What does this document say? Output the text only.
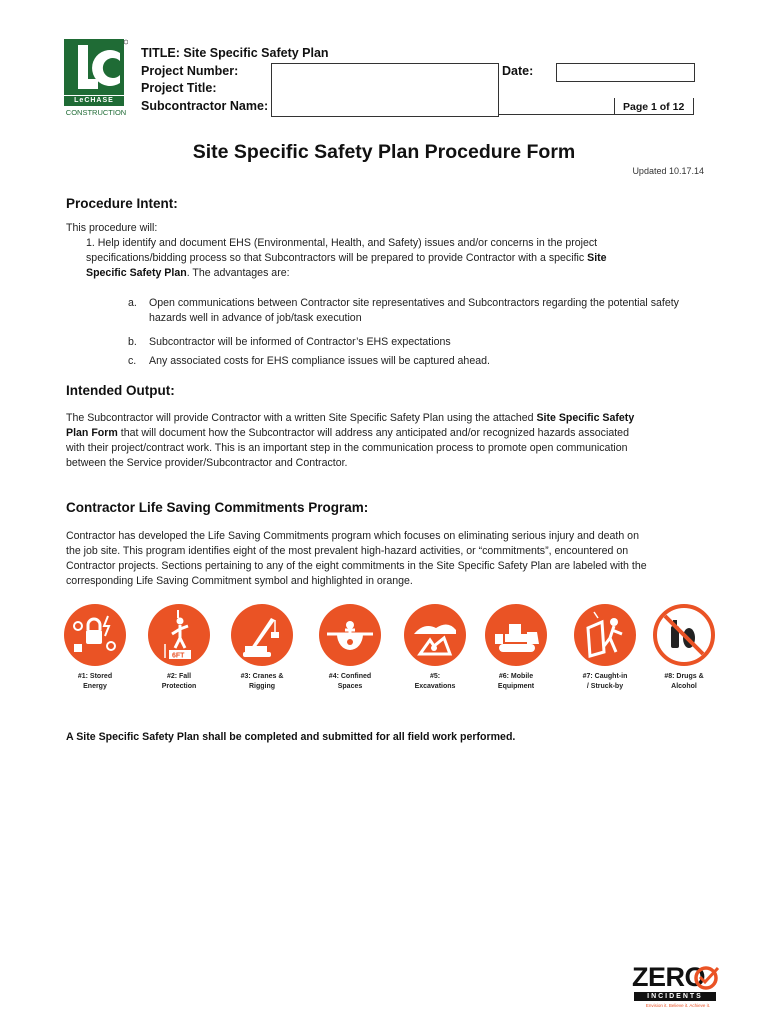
LeCHASE
CONSTRUCTION
TITLE: Site Specific Safety Plan
Project Number:
Project Title:
Subcontractor Name:
Date:
Page 1 of 12
Site Specific Safety Plan Procedure Form
Updated 10.17.14
Procedure Intent:
This procedure will:
1. Help identify and document EHS (Environmental, Health, and Safety) issues and/or concerns in the project
specifications/bidding process so that Subcontractors will be prepared to provide Contractor with a specific Site
Specific Safety Plan. The advantages are:
a.	Open communications between Contractor site representatives and Subcontractors regarding the potential safety
hazards well in advance of job/task execution
b.	Subcontractor will be informed of Contractor’s EHS expectations
c.	Any associated costs for EHS compliance issues will be captured ahead.
Intended Output:
The Subcontractor will provide Contractor with a written Site Specific Safety Plan using the attached Site Specific Safety
Plan Form that will document how the Subcontractor will address any anticipated and/or recognized hazards associated
with their project/contract work. This is an important step in the communication process to promote open communication
between the Service provider/Subcontractor and Contractor.
Contractor Life Saving Commitments Program:
Contractor has developed the Life Saving Commitments program which focuses on eliminating serious injury and death on
the job site. This program identifies eight of the most prevalent high-hazard activities, or “commitments”, encountered on
Contractor projects. Sections pertaining to any of the eight commitments in the Site Specific Safety Plan are labeled with the
corresponding Life Saving Commitment symbol and highlighted in orange.
#1: Stored
Energy
6FT
#2: Fall
Protection
#3: Cranes &
Rigging
#4: Confined
Spaces
#5:
Excavations
#6: Mobile
Equipment
#7: Caught-in
/ Struck-by
#8: Drugs &
Alcohol
A Site Specific Safety Plan shall be completed and submitted for all field work performed.
ZERO
INCIDENTS
Envision it. Believe it. Achieve it.
